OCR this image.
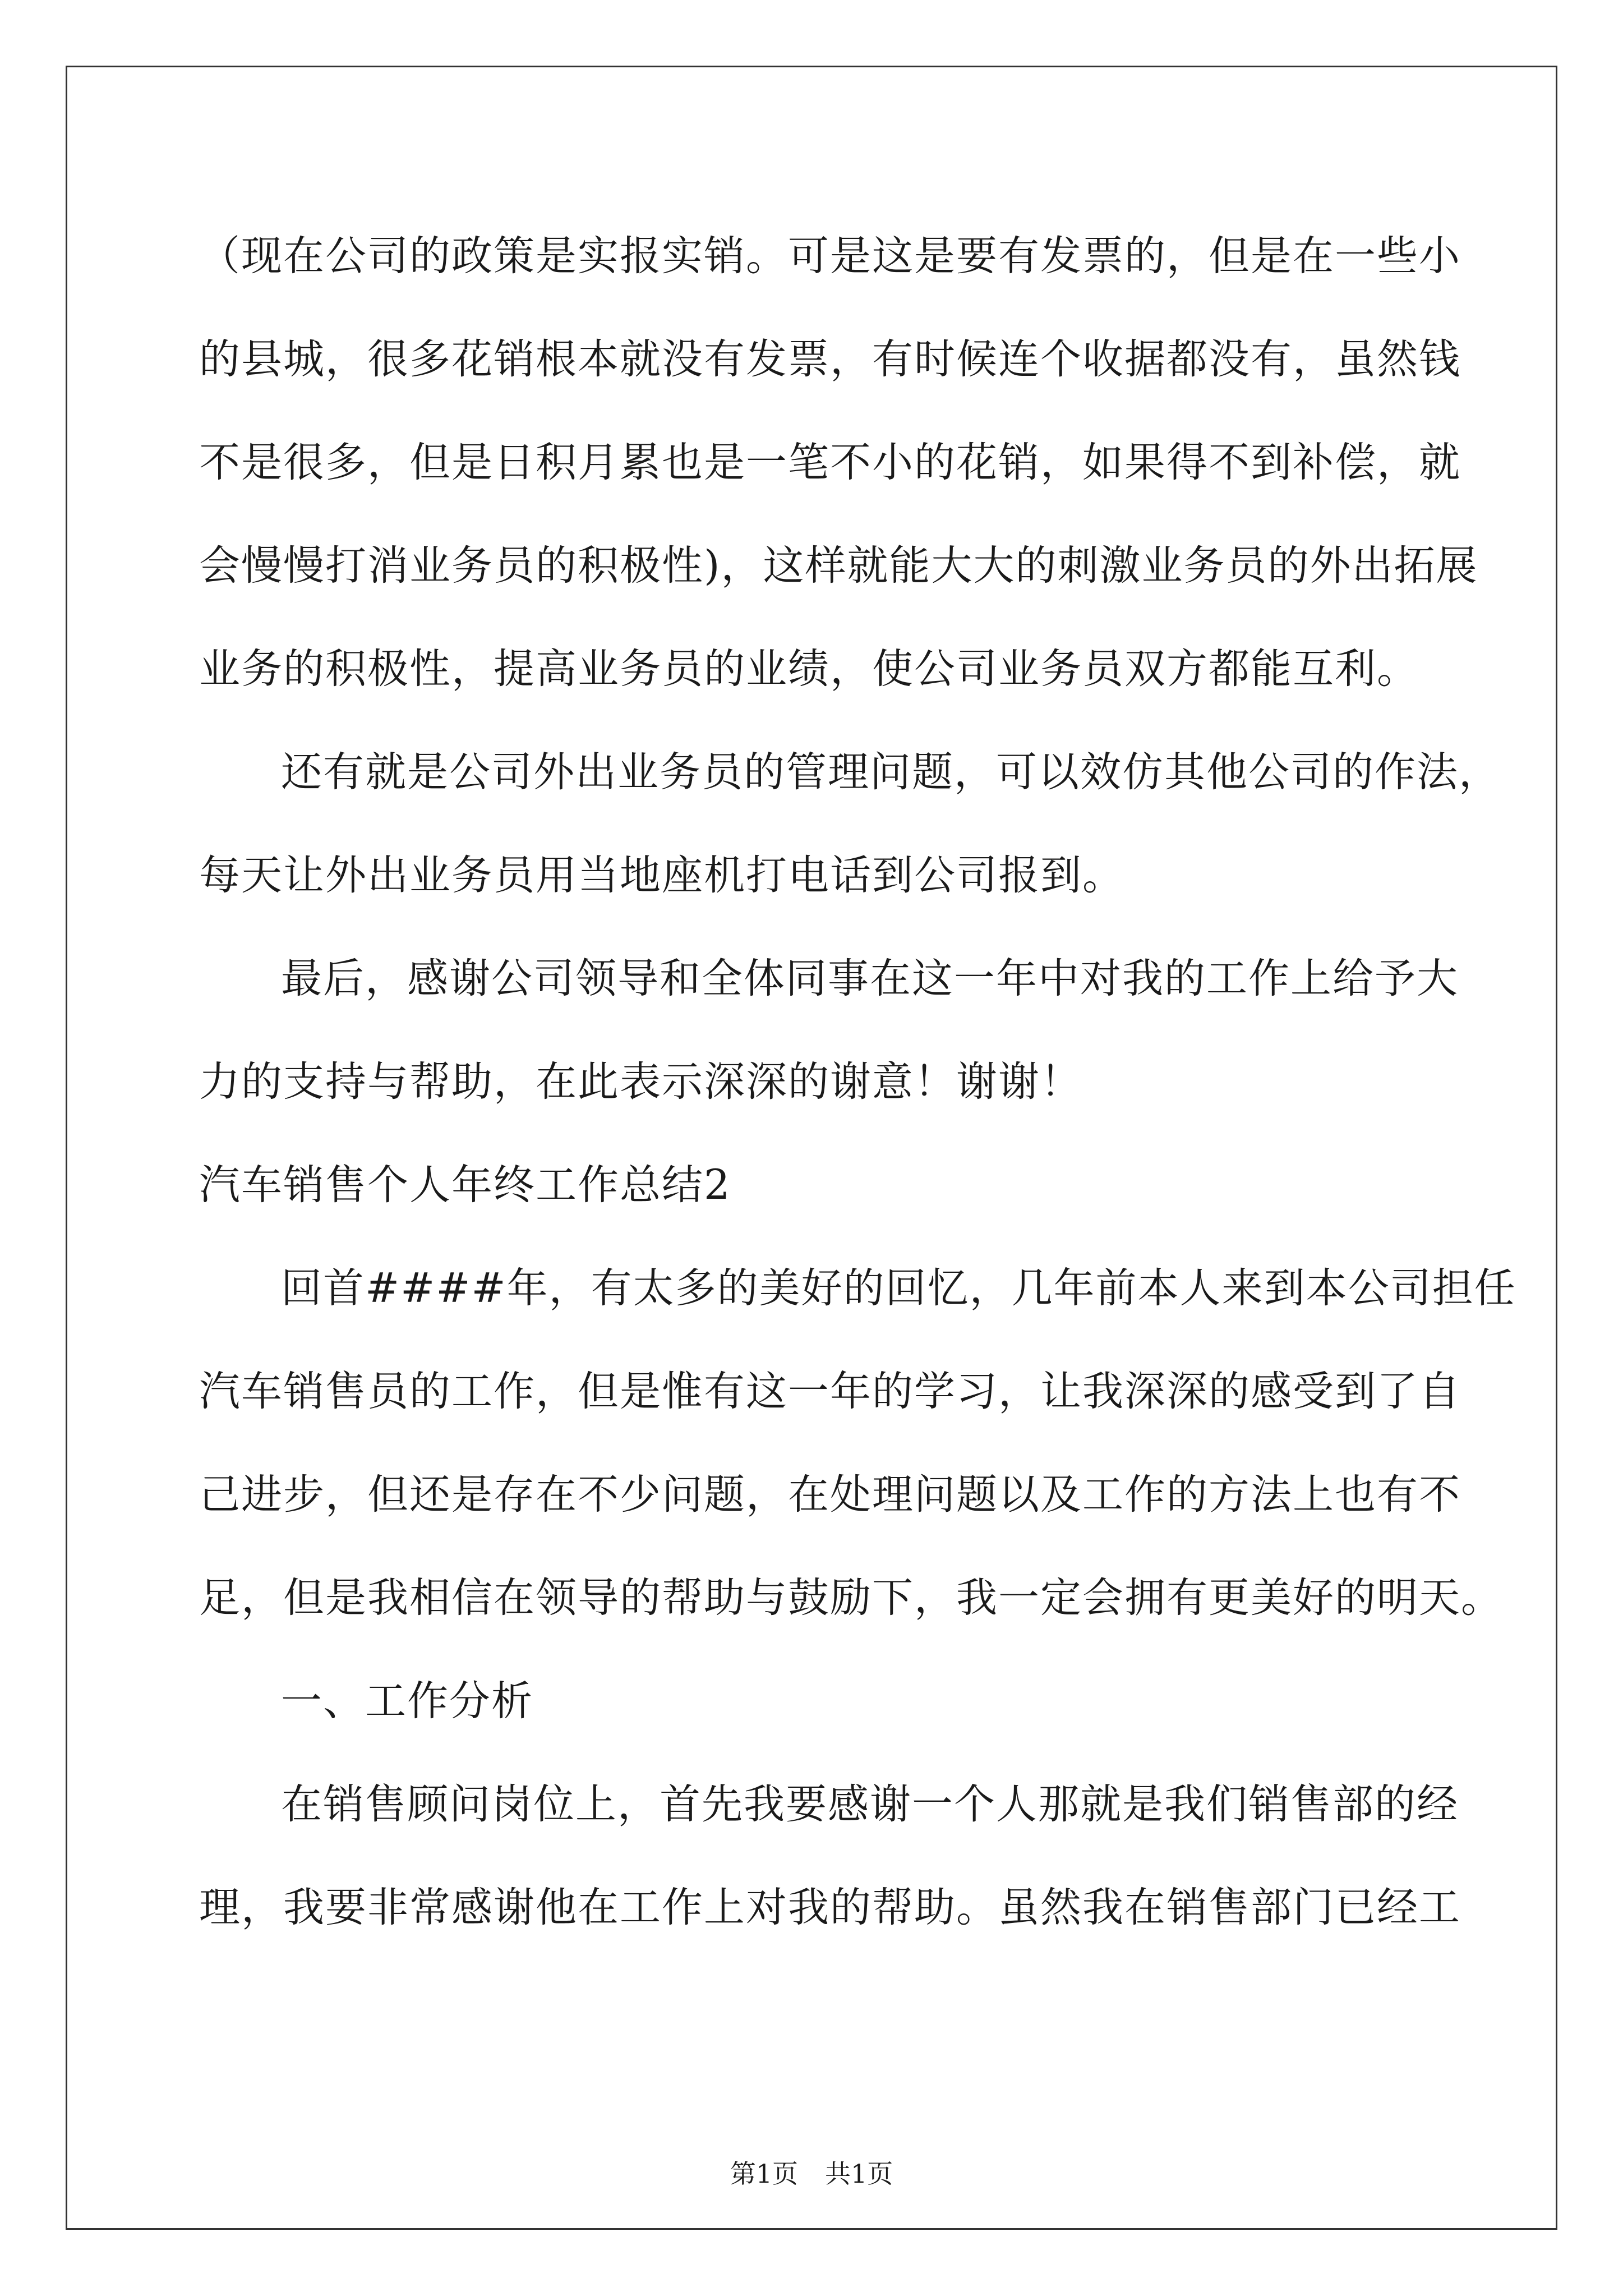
（现在公司的政策是实报实销。可是这是要有发票的，但是在一些小
的县城，很多花销根本就没有发票，有时候连个收据都没有，虽然钱
不是很多，但是日积月累也是一笔不小的花销，如果得不到补偿，就
会慢慢打消业务员的积极性)，这样就能大大的刺激业务员的外出拓展
业务的积极性，提高业务员的业绩，使公司业务员双方都能互利。
还有就是公司外出业务员的管理问题，可以效仿其他公司的作法，
每天让外出业务员用当地座机打电话到公司报到。
最后，感谢公司领导和全体同事在这一年中对我的工作上给予大
力的支持与帮助，在此表示深深的谢意！谢谢！
汽车销售个人年终工作总结2
回首####年，有太多的美好的回忆，几年前本人来到本公司担任
汽车销售员的工作，但是惟有这一年的学习，让我深深的感受到了自
己进步，但还是存在不少问题，在处理问题以及工作的方法上也有不
足，但是我相信在领导的帮助与鼓励下，我一定会拥有更美好的明天。
一、工作分析
在销售顾问岗位上，首先我要感谢一个人那就是我们销售部的经
理，我要非常感谢他在工作上对我的帮助。虽然我在销售部门已经工
第1页 共1页
